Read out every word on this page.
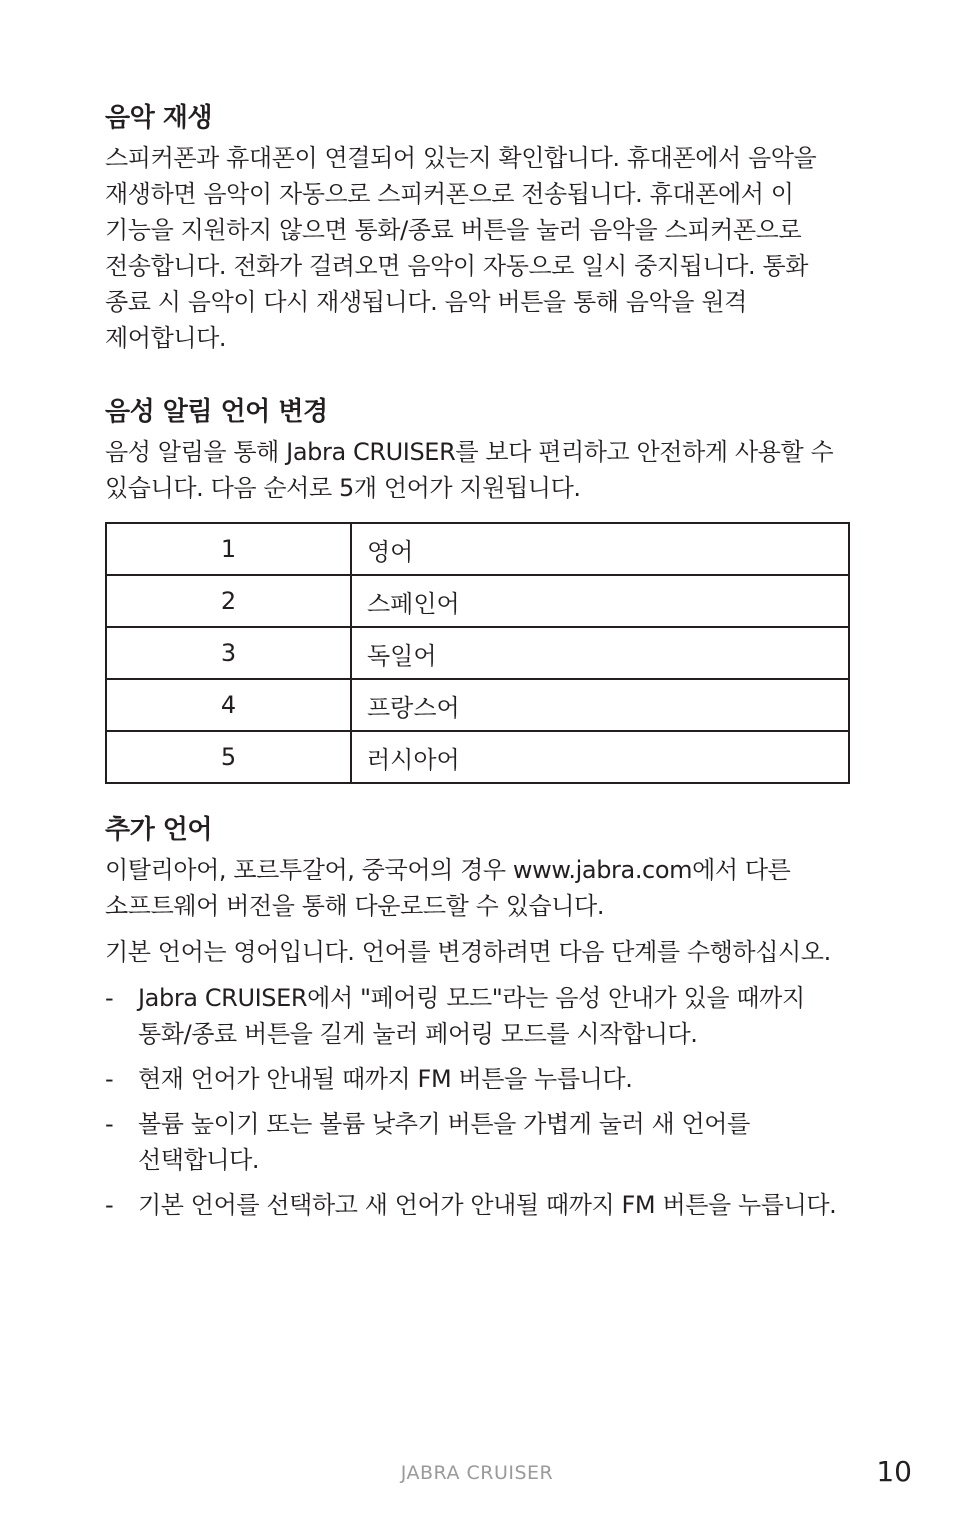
음악 재생

스피커폰과 휴대폰이 연결되어 있는지 확인합니다. 휴대폰에서 음악을 재생하면 음악이 자동으로 스피커폰으로 전송됩니다. 휴대폰에서 이 기능을 지원하지 않으면 통화/종료 버튼을 눌러 음악을 스피커폰으로 전송합니다. 전화가 걸려오면 음악이 자동으로 일시 중지됩니다. 통화 종료 시 음악이 다시 재생됩니다. 음악 버튼을 통해 음악을 원격 제어합니다.

음성 알림 언어 변경

음성 알림을 통해 Jabra CRUISER를 보다 편리하고 안전하게 사용할 수 있습니다. 다음 순서로 5개 언어가 지원됩니다.

1	영어
2	스페인어
3	독일어
4	프랑스어
5	러시아어
추가 언어

이탈리아어, 포르투갈어, 중국어의 경우 www.jabra.com에서 다른 소프트웨어 버전을 통해 다운로드할 수 있습니다.

기본 언어는 영어입니다. 언어를 변경하려면 다음 단계를 수행하십시오.

- Jabra CRUISER에서 "페어링 모드"라는 음성 안내가 있을 때까지 통화/종료 버튼을 길게 눌러 페어링 모드를 시작합니다.
- 현재 언어가 안내될 때까지 FM 버튼을 누릅니다.
- 볼륨 높이기 또는 볼륨 낮추기 버튼을 가볍게 눌러 새 언어를 선택합니다.
- 기본 언어를 선택하고 새 언어가 안내될 때까지 FM 버튼을 누릅니다.
JABRA CRUISER	10
